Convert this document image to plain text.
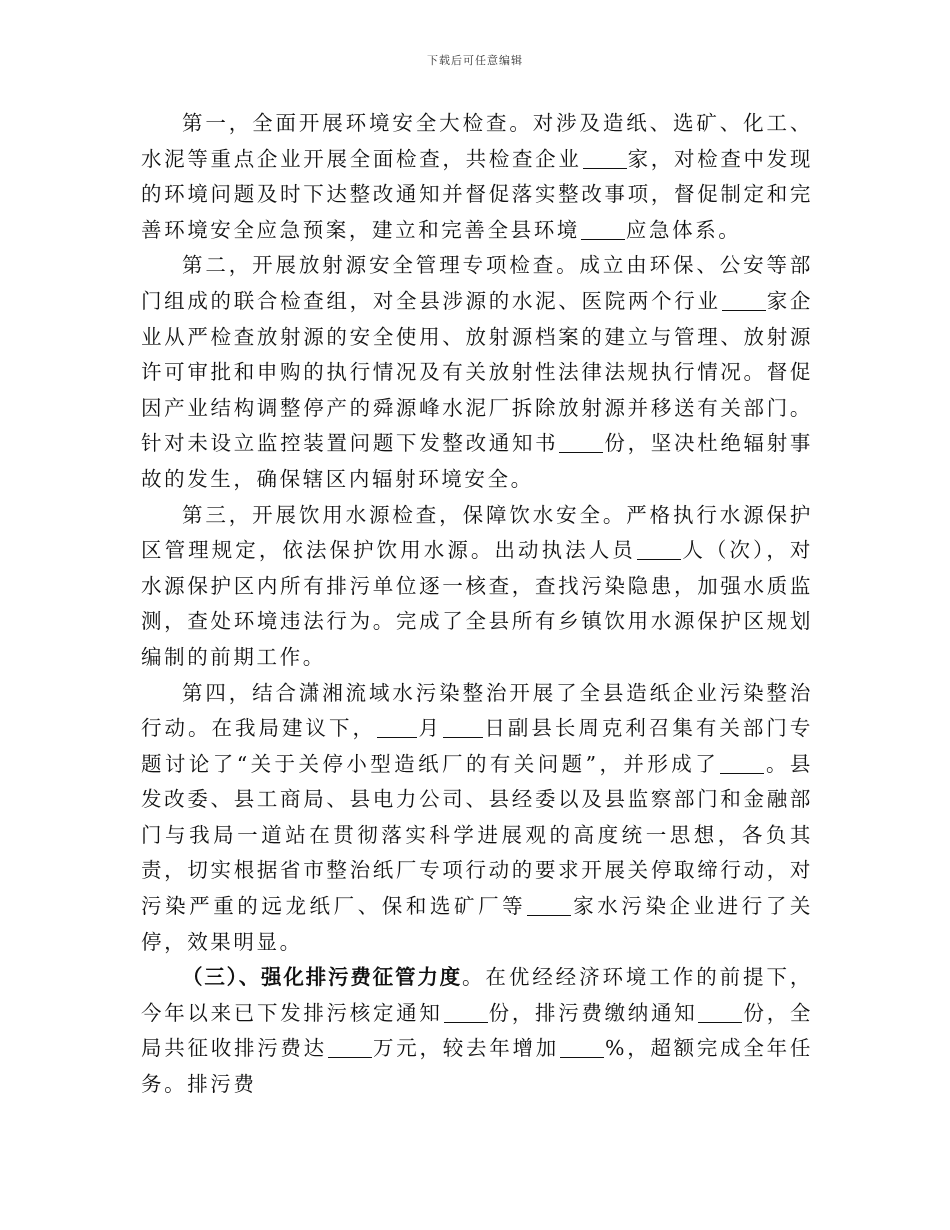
下载后可任意编辑

第一，全面开展环境安全大检查。对涉及造纸、选矿、化工、水泥等重点企业开展全面检查，共检查企业 家，对检查中发现的环境问题及时下达整改通知并督促落实整改事项，督促制定和完善环境安全应急预案，建立和完善全县环境 应急体系。

第二，开展放射源安全管理专项检查。成立由环保、公安等部门组成的联合检查组，对全县涉源的水泥、医院两个行业 家企业从严检查放射源的安全使用、放射源档案的建立与管理、放射源许可审批和申购的执行情况及有关放射性法律法规执行情况。督促因产业结构调整停产的舜源峰水泥厂拆除放射源并移送有关部门。针对未设立监控装置问题下发整改通知书 份，坚决杜绝辐射事故的发生，确保辖区内辐射环境安全。

第三，开展饮用水源检查，保障饮水安全。严格执行水源保护区管理规定，依法保护饮用水源。出动执法人员 人（次），对水源保护区内所有排污单位逐一核查，查找污染隐患，加强水质监测，查处环境违法行为。完成了全县所有乡镇饮用水源保护区规划编制的前期工作。

第四，结合潇湘流域水污染整治开展了全县造纸企业污染整治行动。在我局建议下， 月 日副县长周克利召集有关部门专题讨论了“关于关停小型造纸厂的有关问题”，并形成了 。县发改委、县工商局、县电力公司、县经委以及县监察部门和金融部门与我局一道站在贯彻落实科学进展观的高度统一思想，各负其责，切实根据省市整治纸厂专项行动的要求开展关停取缔行动，对污染严重的远龙纸厂、保和选矿厂等 家水污染企业进行了关停，效果明显。

（三）、强化排污费征管力度。在优经经济环境工作的前提下，今年以来已下发排污核定通知 份，排污费缴纳通知 份，全局共征收排污费达 万元，较去年增加 %，超额完成全年任务。排污费
